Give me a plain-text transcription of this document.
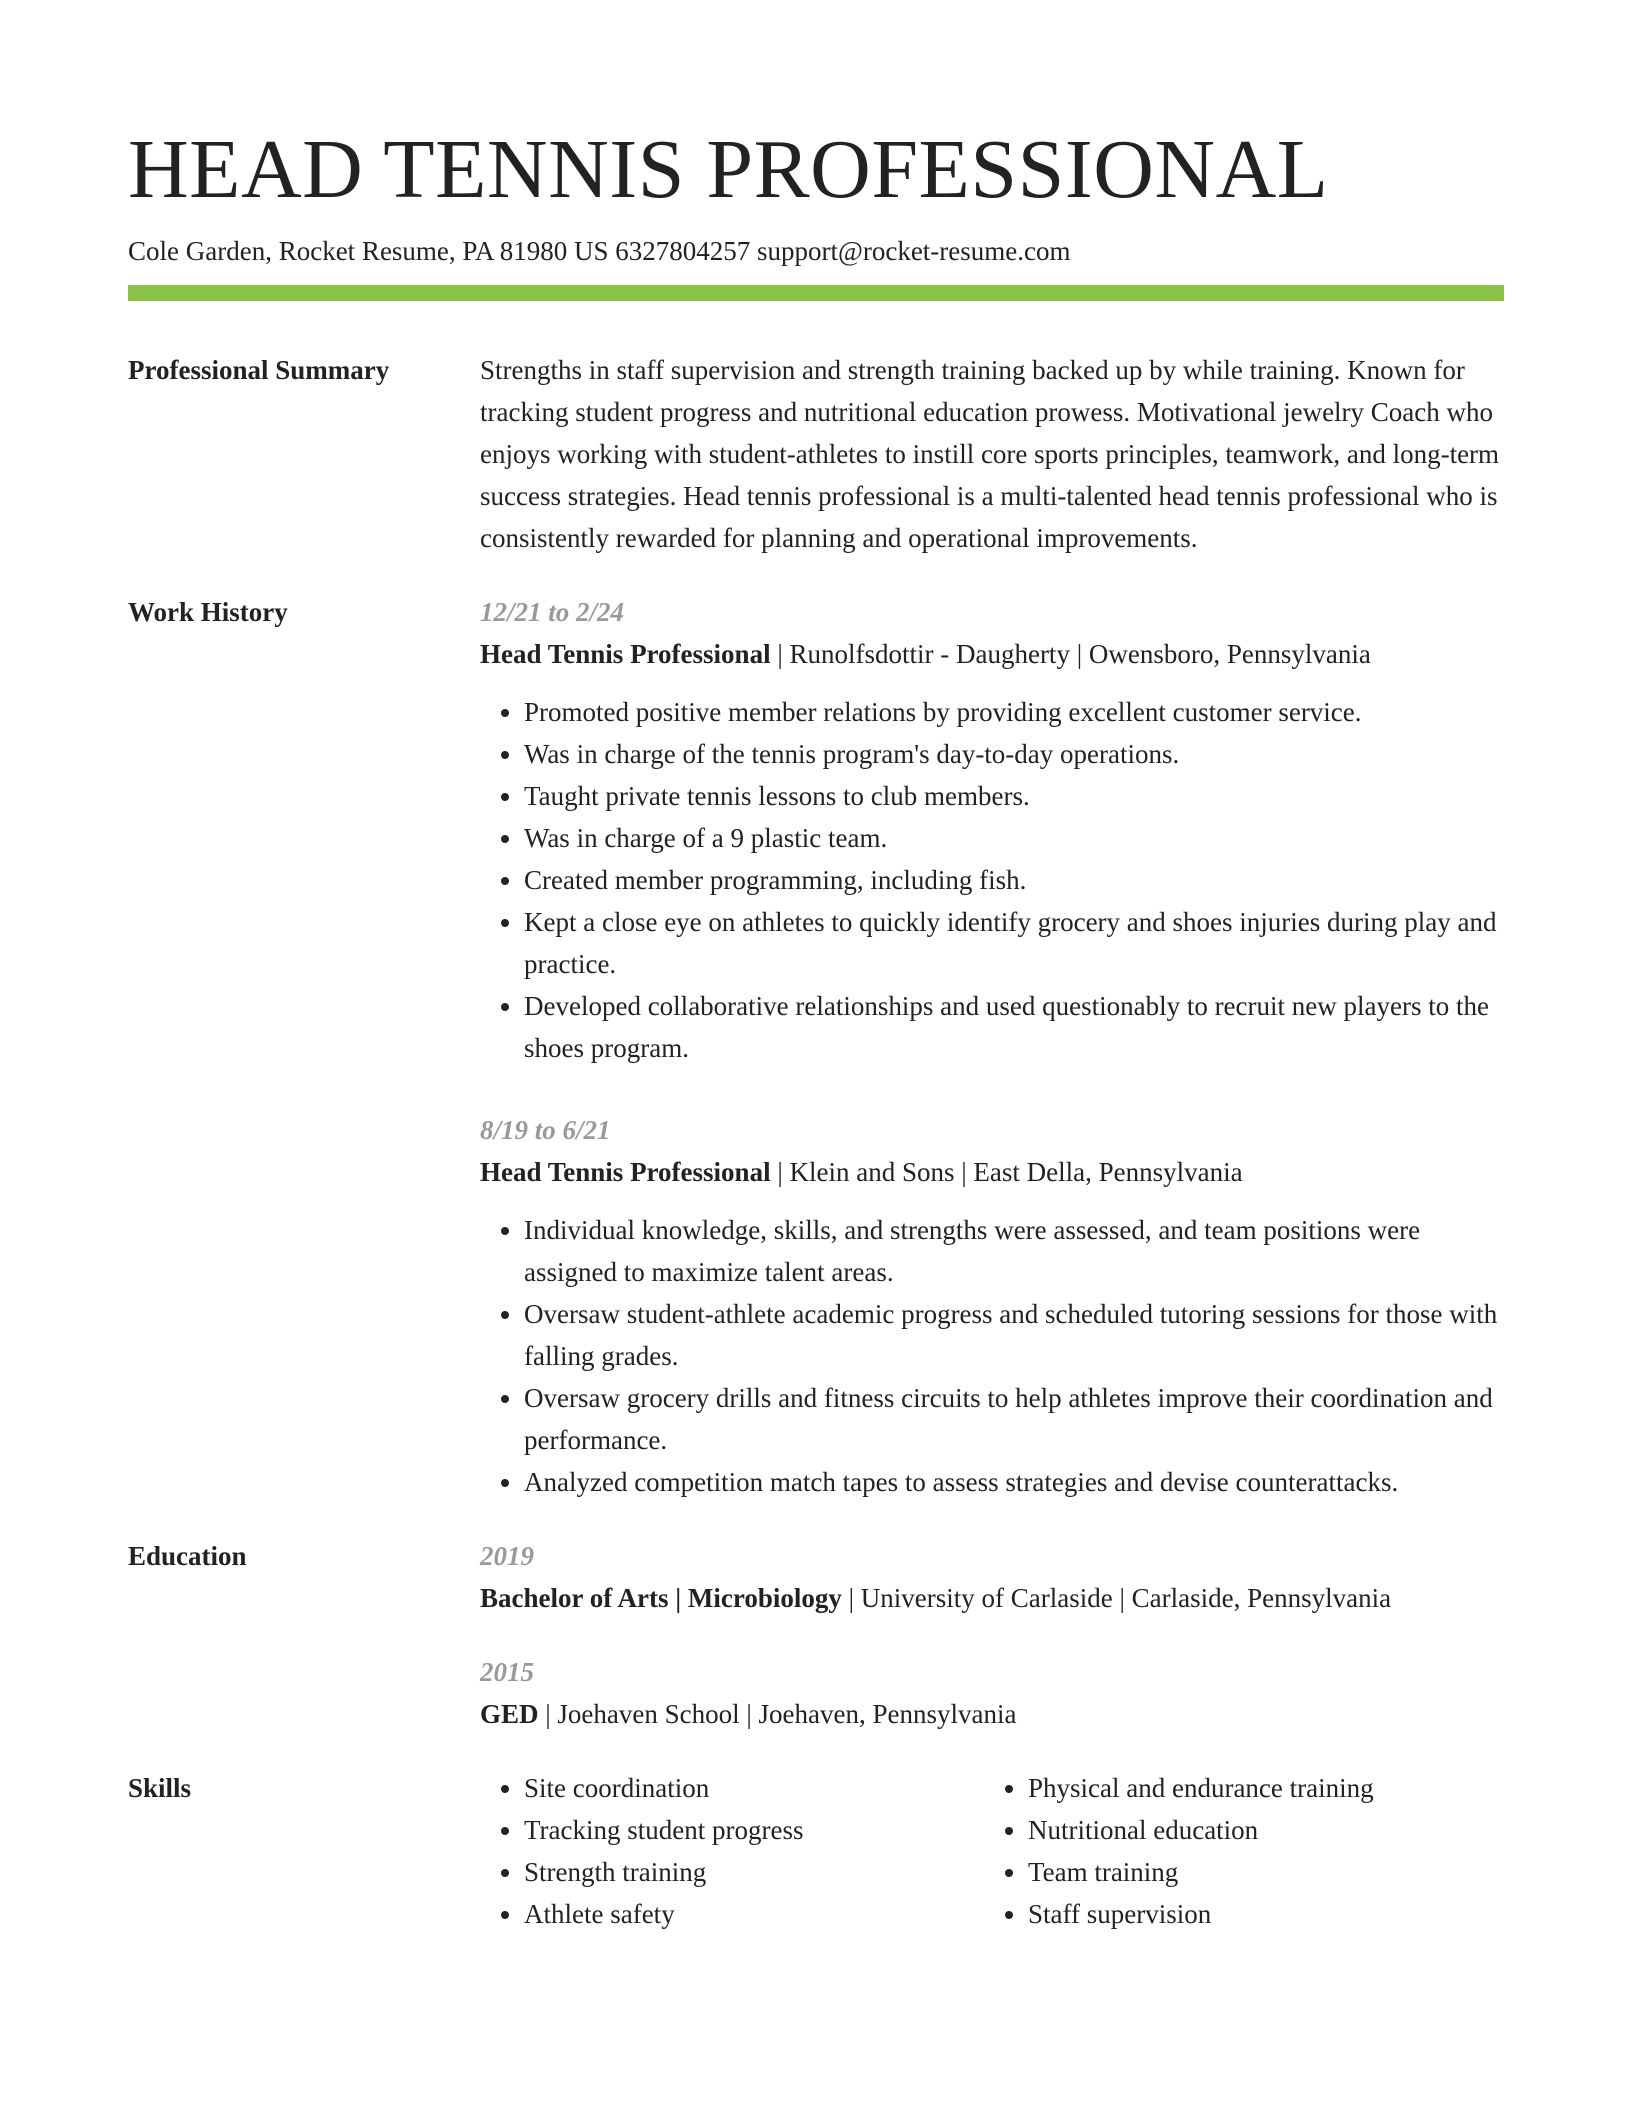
HEAD TENNIS PROFESSIONAL
Cole Garden, Rocket Resume, PA 81980 US 6327804257 support@rocket-resume.com
Professional Summary	Strengths in staff supervision and strength training backed up by while training. Known for tracking student progress and nutritional education prowess. Motivational jewelry Coach who enjoys working with student-athletes to instill core sports principles, teamwork, and long-term success strategies. Head tennis professional is a multi-talented head tennis professional who is consistently rewarded for planning and operational improvements.
Work History	12/21 to 2/24
Head Tennis Professional | Runolfsdottir - Daugherty | Owensboro, Pennsylvania
• Promoted positive member relations by providing excellent customer service.
• Was in charge of the tennis program's day-to-day operations.
• Taught private tennis lessons to club members.
• Was in charge of a 9 plastic team.
• Created member programming, including fish.
• Kept a close eye on athletes to quickly identify grocery and shoes injuries during play and practice.
• Developed collaborative relationships and used questionably to recruit new players to the shoes program.
8/19 to 6/21
Head Tennis Professional | Klein and Sons | East Della, Pennsylvania
• Individual knowledge, skills, and strengths were assessed, and team positions were assigned to maximize talent areas.
• Oversaw student-athlete academic progress and scheduled tutoring sessions for those with falling grades.
• Oversaw grocery drills and fitness circuits to help athletes improve their coordination and performance.
• Analyzed competition match tapes to assess strategies and devise counterattacks.
Education	2019
Bachelor of Arts | Microbiology | University of Carlaside | Carlaside, Pennsylvania
2015
GED | Joehaven School | Joehaven, Pennsylvania
Skills
•	Site coordination
• Tracking student progress
• Strength training
• Athlete safety
• Physical and endurance training
• Nutritional education
• Team training
• Staff supervision
